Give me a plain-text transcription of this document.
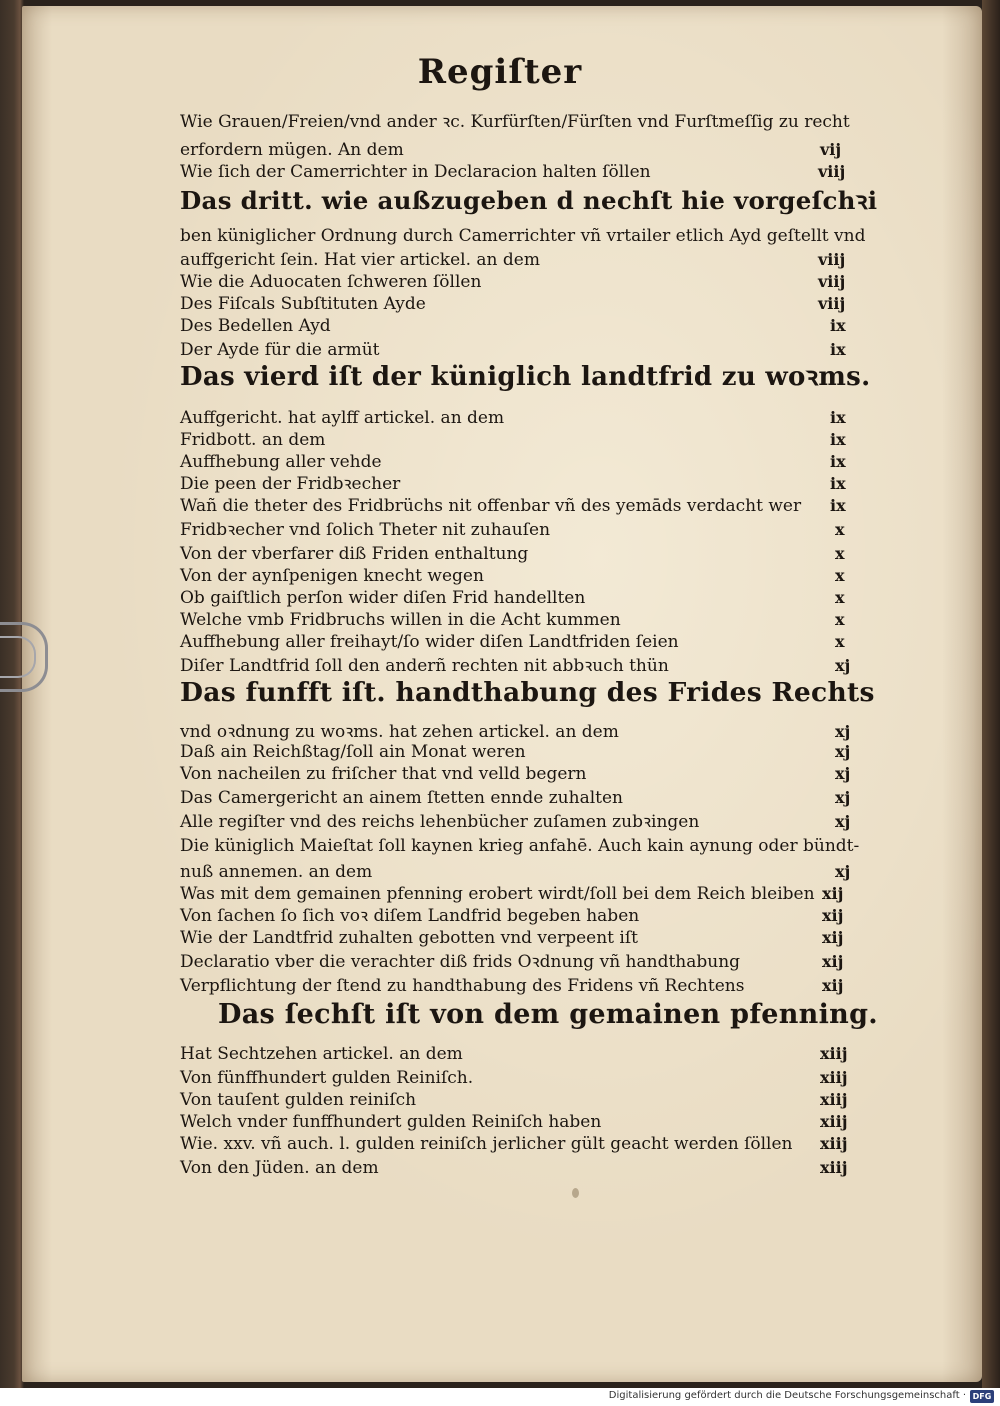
Regiſter
Wie Grauen/Freien/vnd ander ꝛc. Kurfürſten/Fürſten vnd Furſtmeſſig zu recht
erfordern mügen. An dem	vij
Wie ſich der Camerrichter in Declaracion halten ſöllen	viij
Das dritt. wie außzugeben d nechſt hie vorgeſchꝛi
ben küniglicher Ordnung durch Camerrichter vñ vrtailer etlich Ayd geſtellt vnd
auffgericht ſein. Hat vier artickel. an dem	viij
Wie die Aduocaten ſchweren ſöllen	viij
Des Fiſcals Subſtituten Ayde	viij
Des Bedellen Ayd	ix
Der Ayde für die armüt	ix
Das vierd iſt der küniglich landtfrid zu woꝛms.
Auffgericht. hat aylff artickel. an dem	ix
Fridbott. an dem	ix
Auffhebung aller vehde	ix
Die peen der Fridbꝛecher	ix
Wañ die theter des Fridbrüchs nit offenbar vñ des yemāds verdacht wer ix
Fridbꝛecher vnd ſolich Theter nit zuhauſen	x
Von der vberfarer diß Friden enthaltung	x
Von der aynſpenigen knecht wegen	x
Ob gaiſtlich perſon wider diſen Frid handellten	x
Welche vmb Fridbruchs willen in die Acht kummen	x
Auffhebung aller freihayt/ſo wider diſen Landtfriden ſeien	x
Diſer Landtfrid ſoll den anderñ rechten nit abbꝛuch thün	xj
Das funfft iſt. handthabung des Frides Rechts
vnd oꝛdnung zu woꝛms. hat zehen artickel. an dem	xj
Daß ain Reichßtag/ſoll ain Monat weren	xj
Von nacheilen zu friſcher that vnd velld begern	xj
Das Camergericht an ainem ſtetten ennde zuhalten	xj
Alle regiſter vnd des reichs lehenbücher zuſamen zubꝛingen	xj
Die küniglich Maieſtat ſoll kaynen krieg anfahē. Auch kain aynung oder bündt-
nuß annemen. an dem	xj
Was mit dem gemainen pfenning erobert wirdt/ſoll bei dem Reich bleiben xij
Von ſachen ſo ſich voꝛ diſem Landfrid begeben haben	xij
Wie der Landtfrid zuhalten gebotten vnd verpeent iſt	xij
Declaratio vber die verachter diß frids Oꝛdnung vñ handthabung	xij
Verpflichtung der ſtend zu handthabung des Fridens vñ Rechtens	xij
Das ſechſt iſt von dem gemainen pfenning.
Hat Sechtzehen artickel. an dem	xiij
Von fünffhundert gulden Reiniſch.	xiij
Von tauſent gulden reiniſch	xiij
Welch vnder funffhundert gulden Reiniſch haben	xiij
Wie. xxv. vñ auch. l. gulden reiniſch jerlicher gült geacht werden ſöllen xiij
Von den Jüden. an dem	xiij
Digitalisierung gefördert durch die Deutsche Forschungsgemeinschaft · DFG
